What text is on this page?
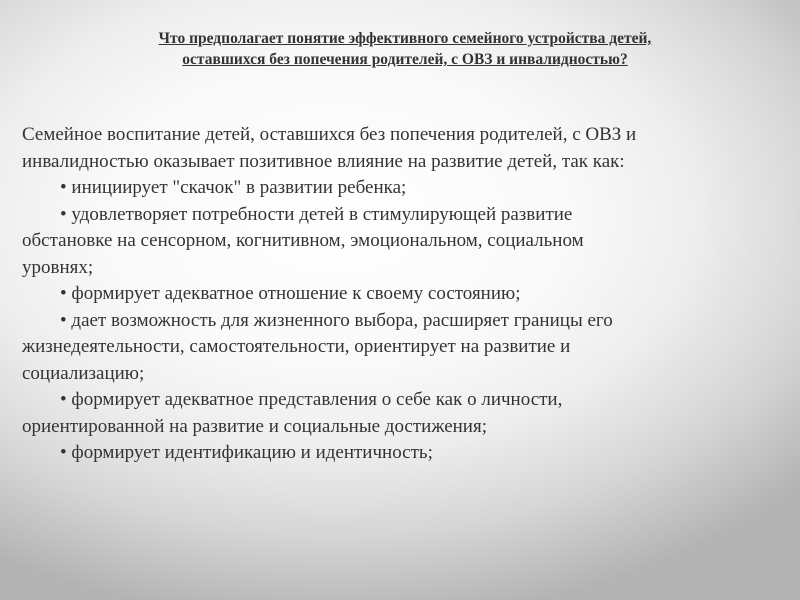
Что предполагает понятие эффективного семейного устройства детей,
оставшихся без попечения родителей, с ОВЗ и инвалидностью?

Семейное воспитание детей, оставшихся без попечения родителей, с ОВЗ и

инвалидностью оказывает позитивное влияние на развитие детей, так как:

• инициирует "скачок" в развитии ребенка;

• удовлетворяет потребности детей в стимулирующей развитие

обстановке на сенсорном, когнитивном, эмоциональном, социальном

уровнях;

• формирует адекватное отношение к своему состоянию;

• дает возможность для жизненного выбора, расширяет границы его

жизнедеятельности, самостоятельности, ориентирует на развитие и

социализацию;

• формирует адекватное представления о себе как о личности,

ориентированной на развитие и социальные достижения;

• формирует идентификацию и идентичность;
